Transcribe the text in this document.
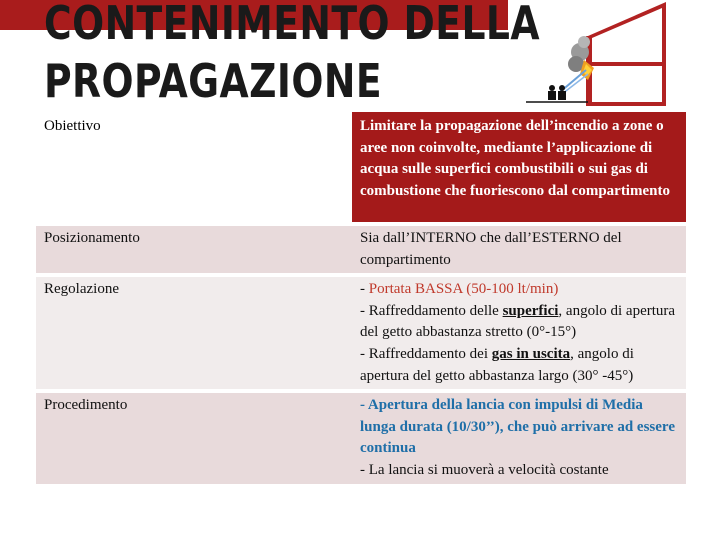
CONTENIMENTO DELLA
PROPAGAZIONE
Obiettivo	Limitare la propagazione dell’incendio a zone o aree non coinvolte, mediante l’applicazione di acqua sulle superfici combustibili o sui gas di combustione che fuoriescono dal compartimento
Posizionamento	Sia dall’INTERNO che dall’ESTERNO del compartimento
Regolazione	- Portata BASSA (50-100 lt/min)
- Raffreddamento delle superfici, angolo di apertura del getto abbastanza stretto (0°-15°)
- Raffreddamento dei gas in uscita, angolo di apertura del getto abbastanza largo (30° -45°)

Procedimento	- Apertura della lancia con impulsi di Media lunga durata (10/30’’), che può arrivare ad essere continua
- La lancia si muoverà a velocità costante
